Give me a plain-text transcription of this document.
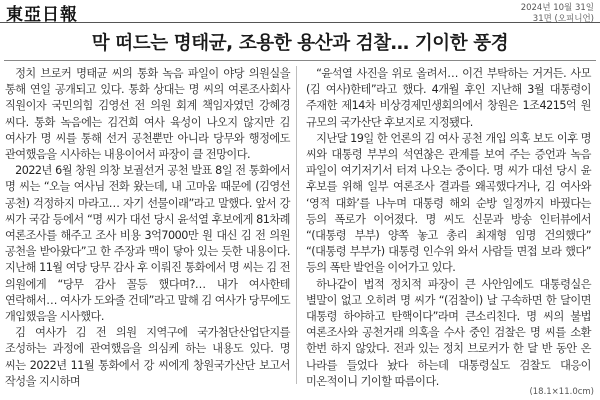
東亞日報	2024년 10월 31일
31면 (오피니언)
막 떠드는 명태균, 조용한 용산과 검찰… 기이한 풍경

정치 브로커 명태균 씨의 통화 녹음 파일이 야당 의원실을 통해 연일 공개되고 있다. 통화 상대는 명 씨의 여론조사회사 직원이자 국민의힘 김영선 전 의원 회계 책임자였던 강혜경 씨다. 통화 녹음에는 김건희 여사 육성이 나오지 않지만 김 여사가 명 씨를 통해 선거 공천뿐만 아니라 당무와 행정에도 관여했음을 시사하는 내용이어서 파장이 클 전망이다.

2022년 6월 창원 의창 보궐선거 공천 발표 8일 전 통화에서 명 씨는 “오늘 여사님 전화 왔는데, 내 고마움 때문에 (김영선 공천) 걱정하지 마라고… 자기 선물이래”라고 말했다. 앞서 강 씨가 국감 등에서 “명 씨가 대선 당시 윤석열 후보에게 81차례 여론조사를 해주고 조사 비용 3억7000만 원 대신 김 전 의원 공천을 받아왔다”고 한 주장과 맥이 닿아 있는 듯한 내용이다. 지난해 11월 여당 당무 감사 후 이뤄진 통화에서 명 씨는 김 전 의원에게 “당무 감사 꼴등 했다며?… 내가 여사한테 연락해서… 여사가 도와줄 건데”라고 말해 김 여사가 당무에도 개입했음을 시사했다.

김 여사가 김 전 의원 지역구에 국가첨단산업단지를 조성하는 과정에 관여했음을 의심케 하는 내용도 있다. 명 씨는 2022년 11월 통화에서 강 씨에게 창원국가산단 보고서 작성을 지시하며

“윤석열 사진을 위로 올려서… 이건 부탁하는 거거든. 사모(김 여사)한테”라고 했다. 4개월 후인 지난해 3월 대통령이 주재한 제14차 비상경제민생회의에서 창원은 1조4215억 원 규모의 국가산단 후보지로 지정됐다.

지난달 19일 한 언론의 김 여사 공천 개입 의혹 보도 이후 명 씨와 대통령 부부의 석연찮은 관계를 보여 주는 증언과 녹음 파일이 여기저기서 터져 나오는 중이다. 명 씨가 대선 당시 윤 후보를 위해 일부 여론조사 결과를 왜곡했다거나, 김 여사와 ‘영적 대화’를 나누며 대통령 해외 순방 일정까지 바꿨다는 등의 폭로가 이어졌다. 명 씨도 신문과 방송 인터뷰에서 “(대통령 부부) 양쪽 놓고 총리 최재형 임명 건의했다” “(대통령 부부가) 대통령 인수위 와서 사람들 면접 보라 했다” 등의 폭탄 발언을 이어가고 있다.

하나같이 법적 정치적 파장이 큰 사안임에도 대통령실은 별말이 없고 오히려 명 씨가 “(검찰이) 날 구속하면 한 달이면 대통령 하야하고 탄핵이다”라며 큰소리친다. 명 씨의 불법 여론조사와 공천거래 의혹을 수사 중인 검찰은 명 씨를 소환 한번 하지 않았다. 전과 있는 정치 브로커가 한 달 반 동안 온 나라를 들었다 놨다 하는데 대통령실도 검찰도 대응이 미온적이니 기이할 따름이다.

(18.1×11.0cm)
